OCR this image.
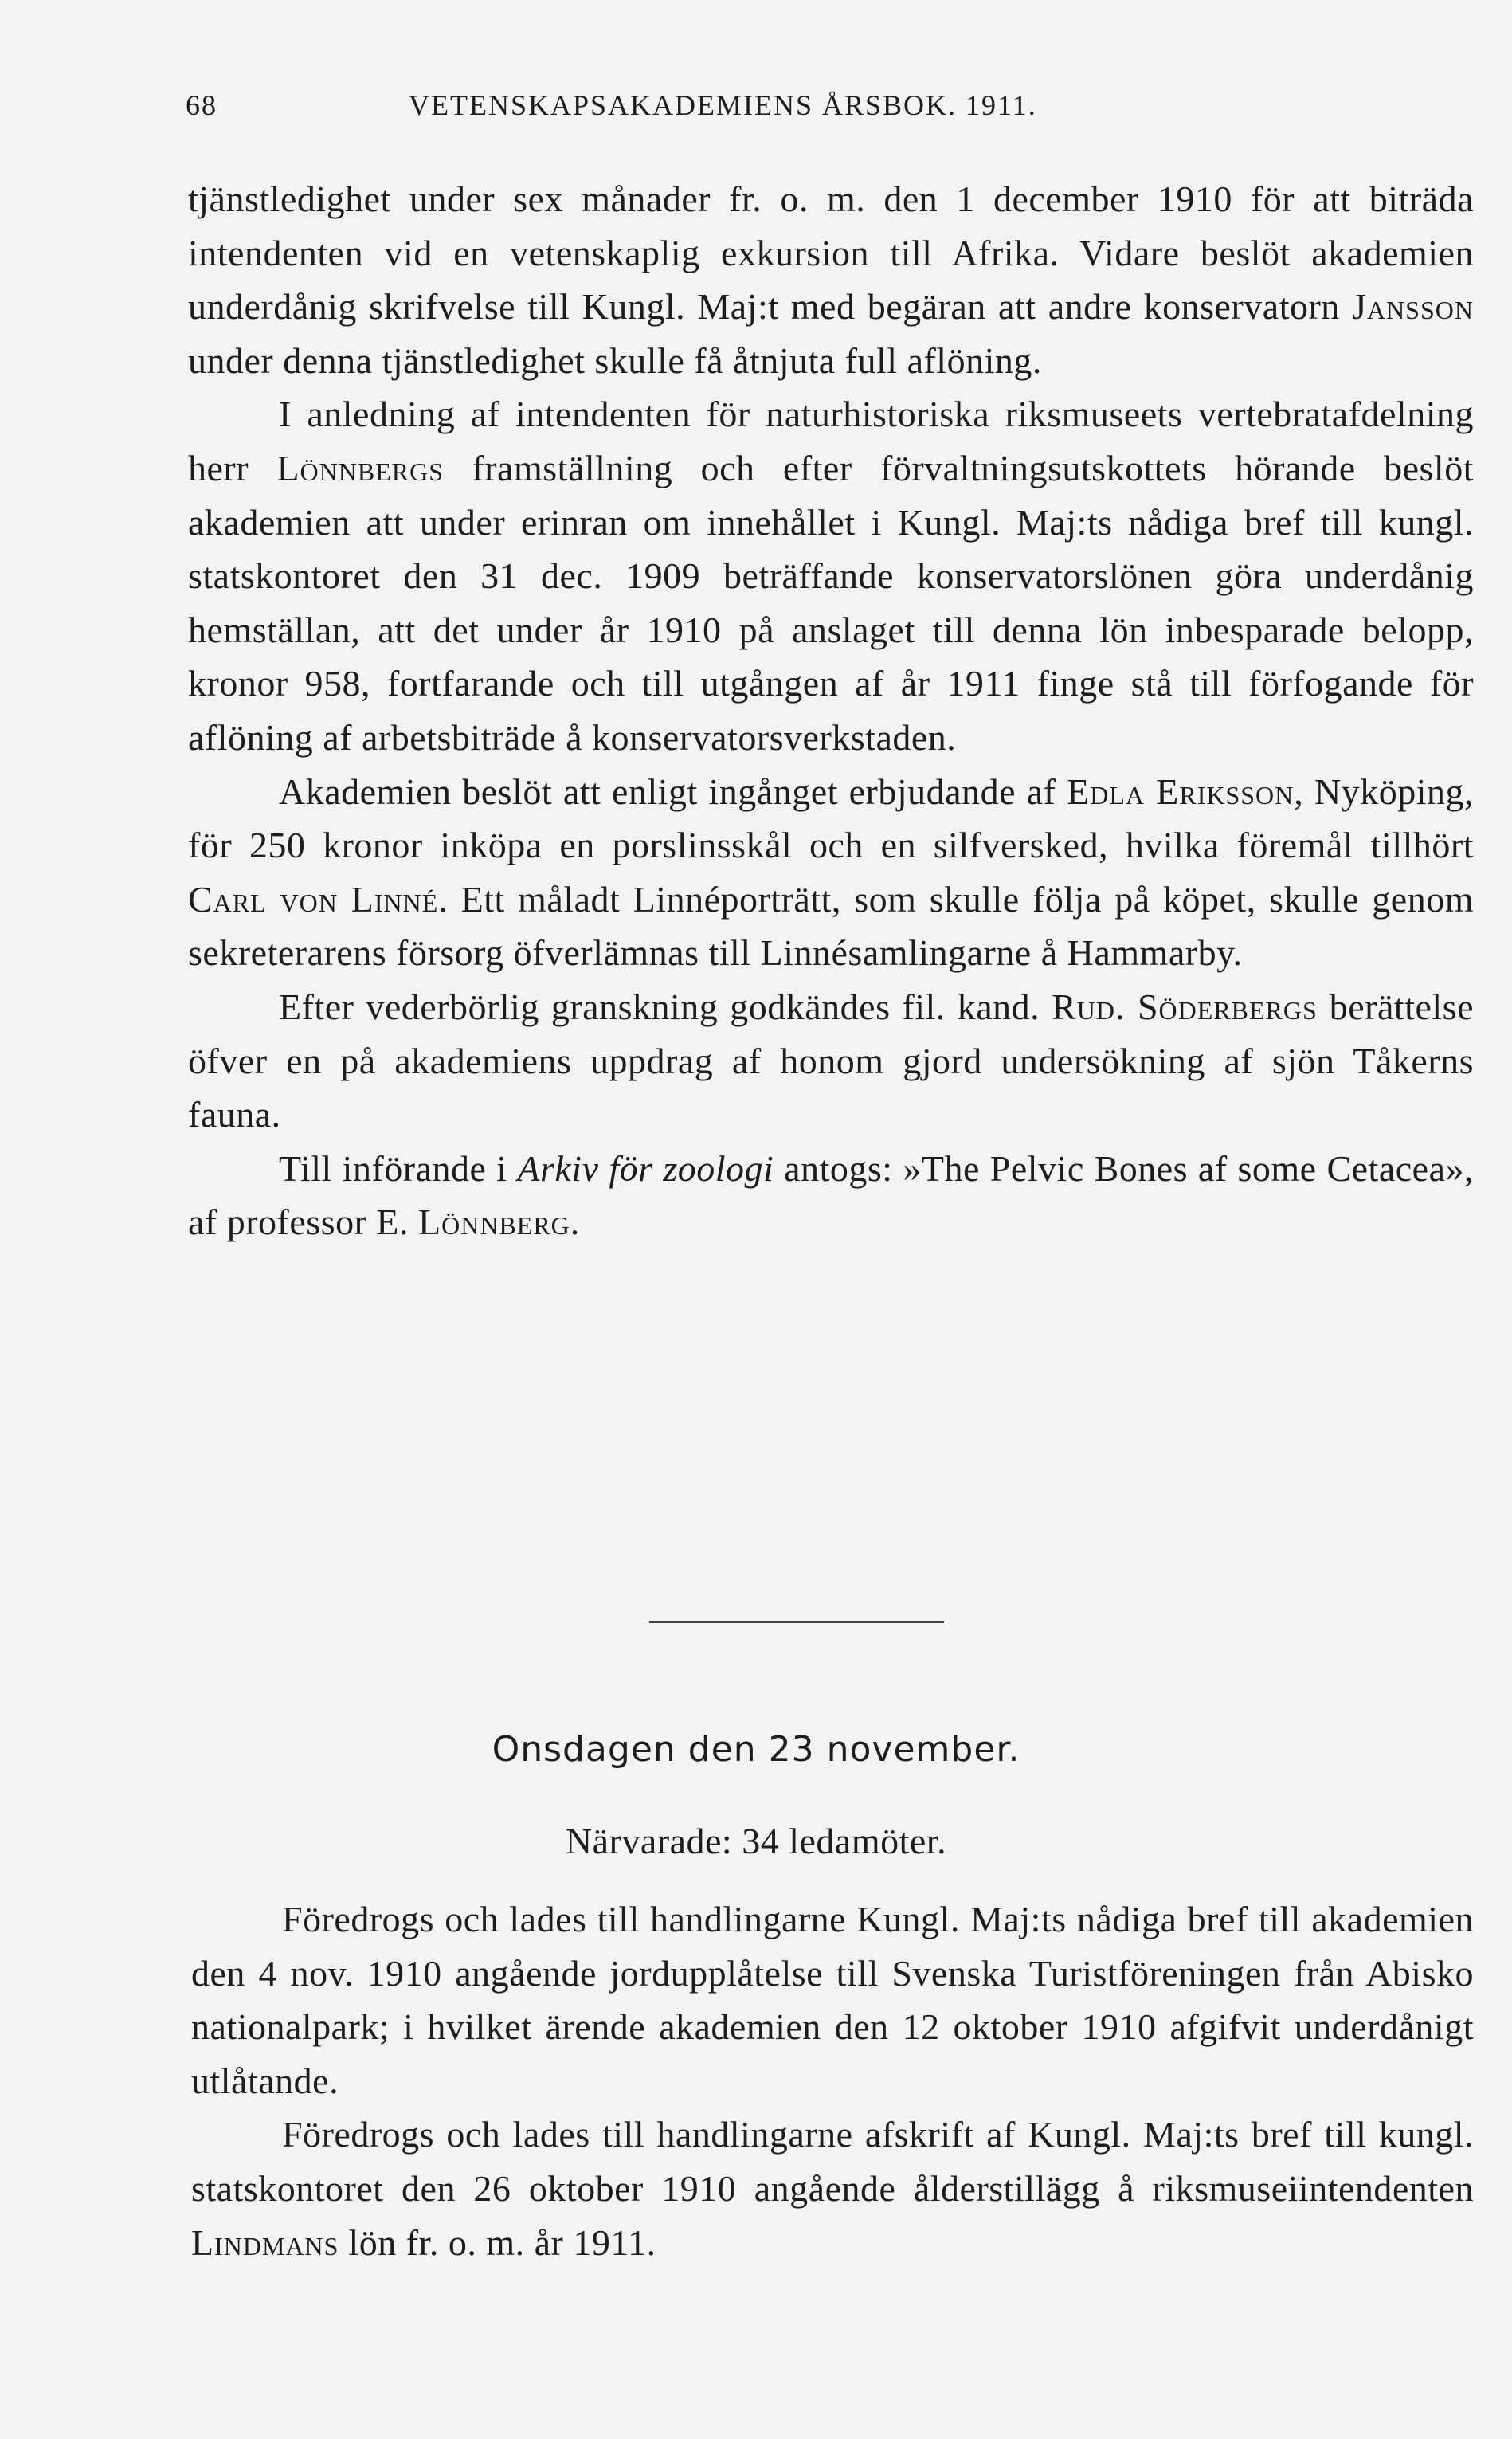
68	VETENSKAPSAKADEMIENS ÅRSBOK. 1911.

tjänstledighet under sex månader fr. o. m. den 1 december 1910 för att biträda intendenten vid en vetenskaplig exkursion till Afrika. Vidare beslöt akademien underdånig skrifvelse till Kungl. Maj:t med begäran att andre konservatorn Jansson under denna tjänstledighet skulle få åtnjuta full aflöning.

I anledning af intendenten för naturhistoriska riksmuseets vertebratafdelning herr Lönnbergs framställning och efter förvaltningsutskottets hörande beslöt akademien att under erinran om innehållet i Kungl. Maj:ts nådiga bref till kungl. statskontoret den 31 dec. 1909 beträffande konservatorslönen göra underdånig hemställan, att det under år 1910 på anslaget till denna lön inbesparade belopp, kronor 958, fortfarande och till utgången af år 1911 finge stå till förfogande för aflöning af arbetsbiträde å konservatorsverkstaden.

Akademien beslöt att enligt ingånget erbjudande af Edla Eriksson, Nyköping, för 250 kronor inköpa en porslinsskål och en silfversked, hvilka föremål tillhört Carl von Linné. Ett måladt Linnéporträtt, som skulle följa på köpet, skulle genom sekreterarens försorg öfverlämnas till Linnésamlingarne å Hammarby.

Efter vederbörlig granskning godkändes fil. kand. Rud. Söderbergs berättelse öfver en på akademiens uppdrag af honom gjord undersökning af sjön Tåkerns fauna.

Till införande i Arkiv för zoologi antogs: »The Pelvic Bones af some Cetacea», af professor E. Lönnberg.

Onsdagen den 23 november.
Närvarade: 34 ledamöter.

Föredrogs och lades till handlingarne Kungl. Maj:ts nådiga bref till akademien den 4 nov. 1910 angående jordupplåtelse till Svenska Turistföreningen från Abisko nationalpark; i hvilket ärende akademien den 12 oktober 1910 afgifvit underdånigt utlåtande.

Föredrogs och lades till handlingarne afskrift af Kungl. Maj:ts bref till kungl. statskontoret den 26 oktober 1910 angående ålderstillägg å riksmuseiintendenten Lindmans lön fr. o. m. år 1911.
